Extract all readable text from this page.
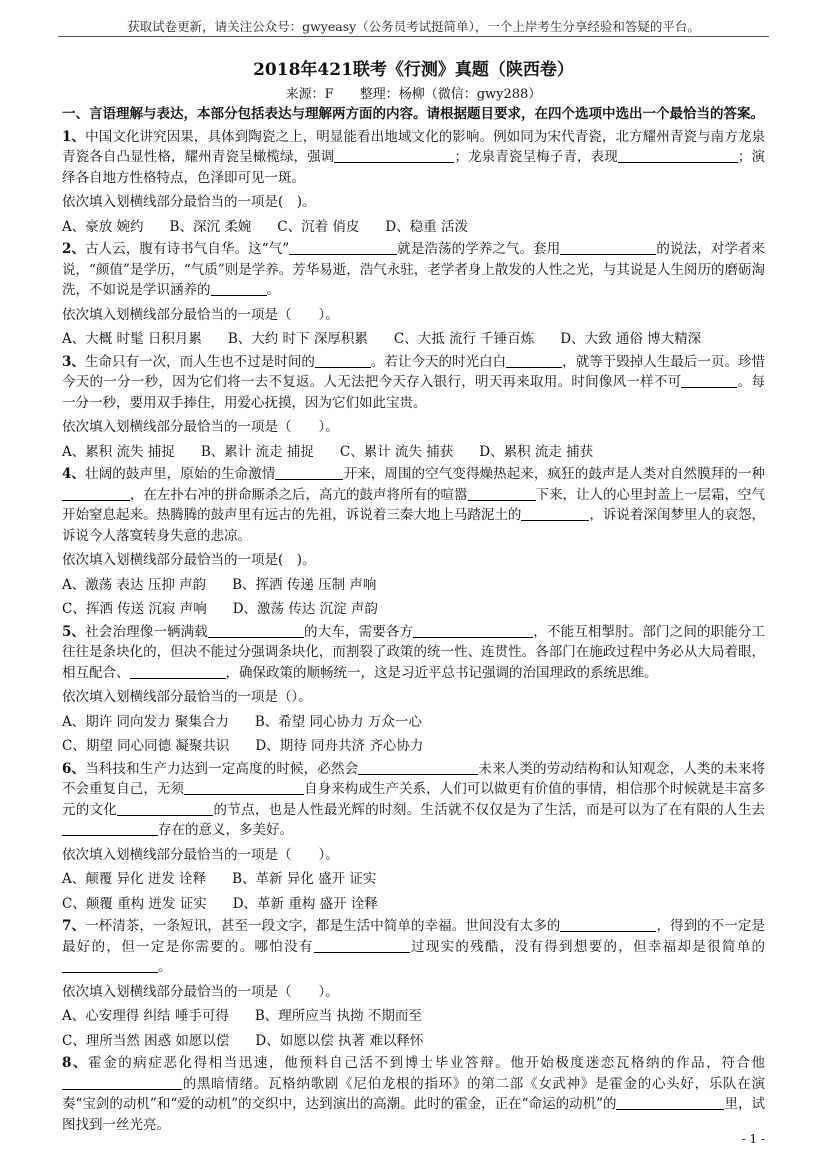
获取试卷更新，请关注公众号：gwyeasy（公务员考试挺简单），一个上岸考生分享经验和答疑的平台。
2018年421联考《行测》真题（陕西卷）
来源：F　　整理：杨柳（微信：gwy288）

一、言语理解与表达，本部分包括表达与理解两方面的内容。请根据题目要求，在四个选项中选出一个最恰当的答案。

1、中国文化讲究因果，具体到陶瓷之上，明显能看出地域文化的影响。例如同为宋代青瓷，北方耀州青瓷与南方龙泉青瓷各自凸显性格，耀州青瓷呈橄榄绿，强调	；龙泉青瓷呈梅子青，表现	；演绎各自地方性格特点，色泽即可见一斑。

依次填入划横线部分最恰当的一项是(　)。

A、豪放 婉约 B、深沉 柔婉 C、沉着 俏皮 D、稳重 活泼

2、古人云，腹有诗书气自华。这“气”	就是浩荡的学养之气。套用	的说法，对学者来说，“颜值”是学历，“气质”则是学养。芳华易逝，浩气永驻，老学者身上散发的人性之光，与其说是人生阅历的磨砺淘洗，不如说是学识涵养的	。

依次填入划横线部分最恰当的一项是（　　）。

A、大概 时髦 日积月累 B、大约 时下 深厚积累 C、大抵 流行 千锤百炼 D、大致 通俗 博大精深

3、生命只有一次，而人生也不过是时间的	。若让今天的时光白白	，就等于毁掉人生最后一页。珍惜今天的一分一秒，因为它们将一去不复返。人无法把今天存入银行，明天再来取用。时间像风一样不可	。每一分一秒，要用双手捧住，用爱心抚摸，因为它们如此宝贵。

依次填入划横线部分最恰当的一项是（　　）。

A、累积 流失 捕捉 B、累计 流走 捕捉 C、累计 流失 捕获 D、累积 流走 捕获

4、壮阔的鼓声里，原始的生命激情	开来，周围的空气变得燥热起来，疯狂的鼓声是人类对自然膜拜的一种，在左扑右冲的拼命厮杀之后，高亢的鼓声将所有的喧嚣	下来，让人的心里封盖上一层霜，空气开始窒息起来。热腾腾的鼓声里有远古的先祖，诉说着三秦大地上马踏泥土的	，诉说着深闺梦里人的哀怨，诉说今人落寞转身失意的悲凉。

依次填入划横线部分最恰当的一项是(　)。

A、激荡 表达 压抑 声韵 B、挥洒 传递 压制 声响

C、挥洒 传送 沉寂 声响 D、激荡 传达 沉淀 声韵

5、社会治理像一辆满载	的大车，需要各方	，不能互相掣肘。部门之间的职能分工往往是条块化的，但决不能过分强调条块化，而割裂了政策的统一性、连贯性。各部门在施政过程中务必从大局着眼，相互配合、	，确保政策的顺畅统一，这是习近平总书记强调的治国理政的系统思维。

依次填入划横线部分最恰当的一项是（）。

A、期许 同向发力 聚集合力 B、希望 同心协力 万众一心

C、期望 同心同德 凝聚共识 D、期待 同舟共济 齐心协力

6、当科技和生产力达到一定高度的时候，必然会	未来人类的劳动结构和认知观念，人类的未来将不会重复自己，无须	自身来构成生产关系，人们可以做更有价值的事情，相信那个时候就是丰富多元的文化	的节点，也是人性最光辉的时刻。生活就不仅仅是为了生活，而是可以为了在有限的人生去存在的意义，多美好。

依次填入划横线部分最恰当的一项是（　　）。

A、颠覆 异化 迸发 诠释 B、革新 异化 盛开 证实

C、颠覆 重构 迸发 证实 D、革新 重构 盛开 诠释

7、一杯清茶，一条短讯，甚至一段文字，都是生活中简单的幸福。世间没有太多的	，得到的不一定是最好的，但一定是你需要的。哪怕没有	过现实的残酷，没有得到想要的，但幸福却是很简单的。

依次填入划横线部分最恰当的一项是（　　）。

A、心安理得 纠结 唾手可得 B、理所应当 执拗 不期而至

C、理所当然 困惑 如愿以偿 D、如愿以偿 执著 难以释怀

8、霍金的病症恶化得相当迅速，他预料自己活不到博士毕业答辩。他开始极度迷恋瓦格纳的作品，符合他的黑暗情绪。瓦格纳歌剧《尼伯龙根的指环》的第二部《女武神》是霍金的心头好，乐队在演奏“宝剑的动机”和“爱的动机”的交织中，达到演出的高潮。此时的霍金，正在“命运的动机”的	里，试图找到一丝光亮。

- 1 -
